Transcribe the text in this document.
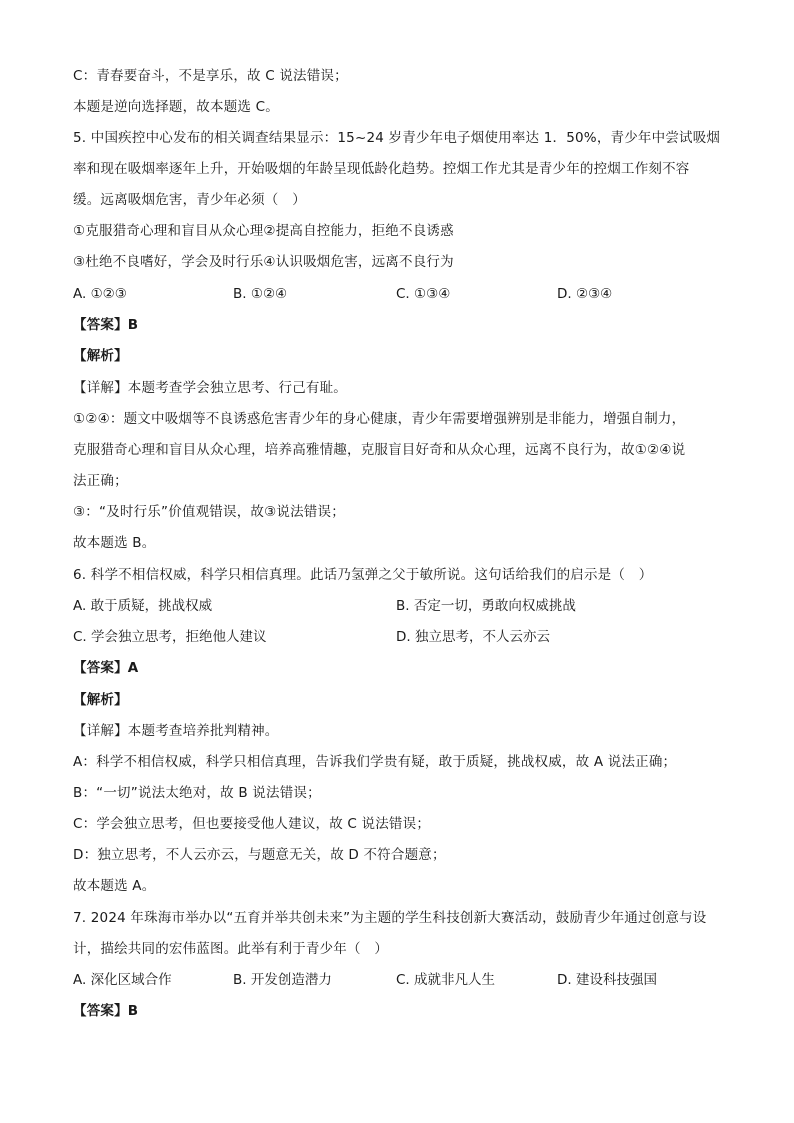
C：青春要奋斗，不是享乐，故 C 说法错误；
本题是逆向选择题，故本题选 C。
5. 中国疾控中心发布的相关调查结果显示：15~24 岁青少年电子烟使用率达 1．50%，青少年中尝试吸烟
率和现在吸烟率逐年上升，开始吸烟的年龄呈现低龄化趋势。控烟工作尤其是青少年的控烟工作刻不容
缓。远离吸烟危害，青少年必须（　）
①克服猎奇心理和盲目从众心理②提高自控能力，拒绝不良诱惑
③杜绝不良嗜好，学会及时行乐④认识吸烟危害，远离不良行为
A. ①②③	B. ①②④	C. ①③④	D. ②③④
【答案】B
【解析】
【详解】本题考查学会独立思考、行己有耻。
①②④：题文中吸烟等不良诱惑危害青少年的身心健康，青少年需要增强辨别是非能力，增强自制力，
克服猎奇心理和盲目从众心理，培养高雅情趣，克服盲目好奇和从众心理，远离不良行为，故①②④说
法正确；
③：“及时行乐”价值观错误，故③说法错误；
故本题选 B。
6. 科学不相信权威，科学只相信真理。此话乃氢弹之父于敏所说。这句话给我们的启示是（　）
A. 敢于质疑，挑战权威	B. 否定一切，勇敢向权威挑战
C. 学会独立思考，拒绝他人建议	D. 独立思考，不人云亦云
【答案】A
【解析】
【详解】本题考查培养批判精神。
A：科学不相信权威，科学只相信真理，告诉我们学贵有疑，敢于质疑，挑战权威，故 A 说法正确；
B：“一切”说法太绝对，故 B 说法错误；
C：学会独立思考，但也要接受他人建议，故 C 说法错误；
D：独立思考，不人云亦云，与题意无关，故 D 不符合题意；
故本题选 A。
7. 2024 年珠海市举办以“五育并举共创未来”为主题的学生科技创新大赛活动，鼓励青少年通过创意与设
计，描绘共同的宏伟蓝图。此举有利于青少年（　）
A. 深化区域合作	B. 开发创造潜力	C. 成就非凡人生	D. 建设科技强国
【答案】B
